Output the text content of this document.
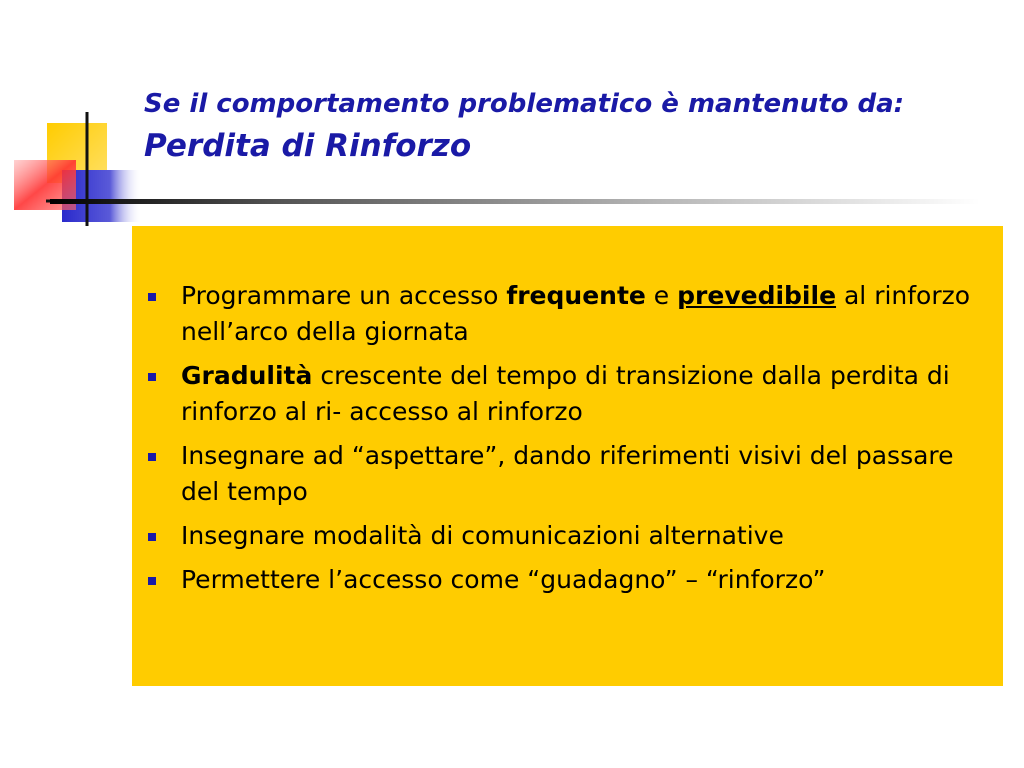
Se il comportamento problematico è mantenuto da:
Perdita di Rinforzo
Programmare un accesso frequente e prevedibile al rinforzo nell’arco della giornata
Gradulità crescente del tempo di transizione dalla perdita di rinforzo al ri- accesso al rinforzo
Insegnare ad “aspettare”, dando riferimenti visivi del passare del tempo
Insegnare modalità di comunicazioni alternative
Permettere l’accesso come “guadagno” – “rinforzo”
